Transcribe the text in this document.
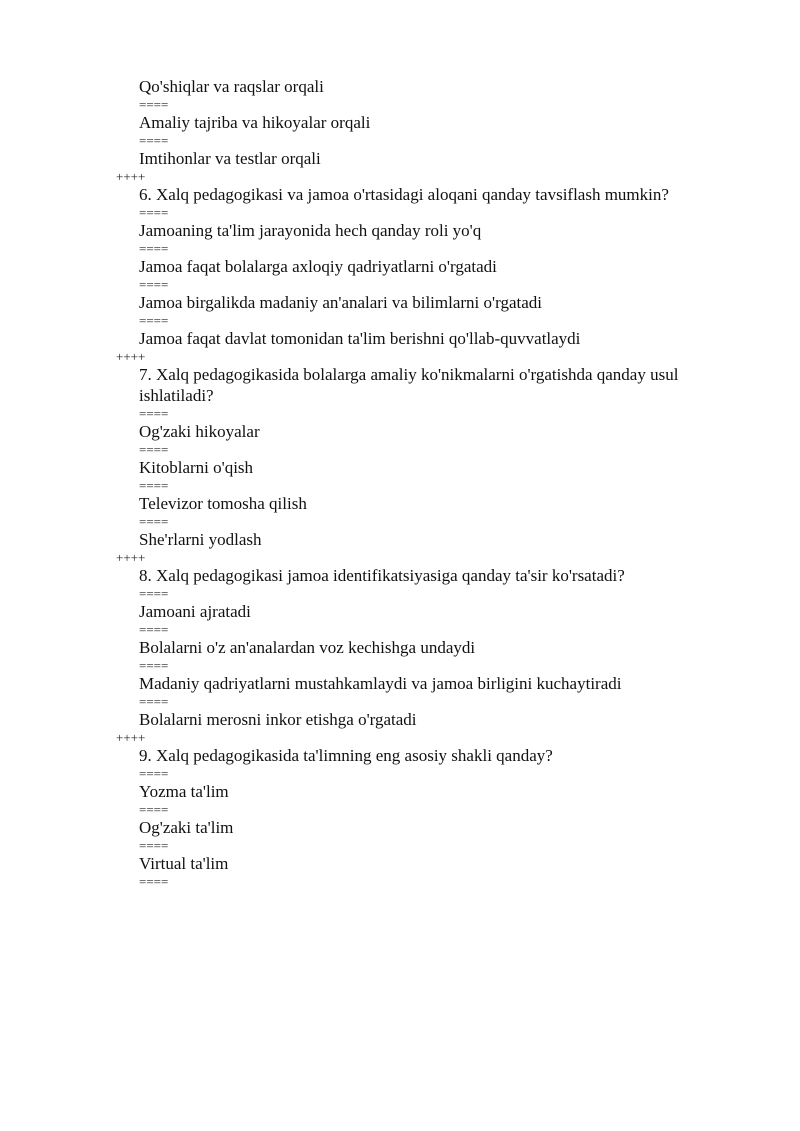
Qo'shiqlar va raqslar orqali
====
Amaliy tajriba va hikoyalar orqali
====
Imtihonlar va testlar orqali
++++
6. Xalq pedagogikasi va jamoa o'rtasidagi aloqani qanday tavsiflash mumkin?
====
Jamoaning ta'lim jarayonida hech qanday roli yo'q
====
Jamoa faqat bolalarga axloqiy qadriyatlarni o'rgatadi
====
Jamoa birgalikda madaniy an'analari va bilimlarni o'rgatadi
====
Jamoa faqat davlat tomonidan ta'lim berishni qo'llab-quvvatlaydi
++++
7. Xalq pedagogikasida bolalarga amaliy ko'nikmalarni o'rgatishda qanday usul ishlatiladi?
====
Og'zaki hikoyalar
====
Kitoblarni o'qish
====
Televizor tomosha qilish
====
She'rlarni yodlash
++++
8. Xalq pedagogikasi jamoa identifikatsiyasiga qanday ta'sir ko'rsatadi?
====
Jamoani ajratadi
====
Bolalarni o'z an'analardan voz kechishga undaydi
====
Madaniy qadriyatlarni mustahkamlaydi va jamoa birligini kuchaytiradi
====
Bolalarni merosni inkor etishga o'rgatadi
++++
9. Xalq pedagogikasida ta'limning eng asosiy shakli qanday?
====
Yozma ta'lim
====
Og'zaki ta'lim
====
Virtual ta'lim
====
